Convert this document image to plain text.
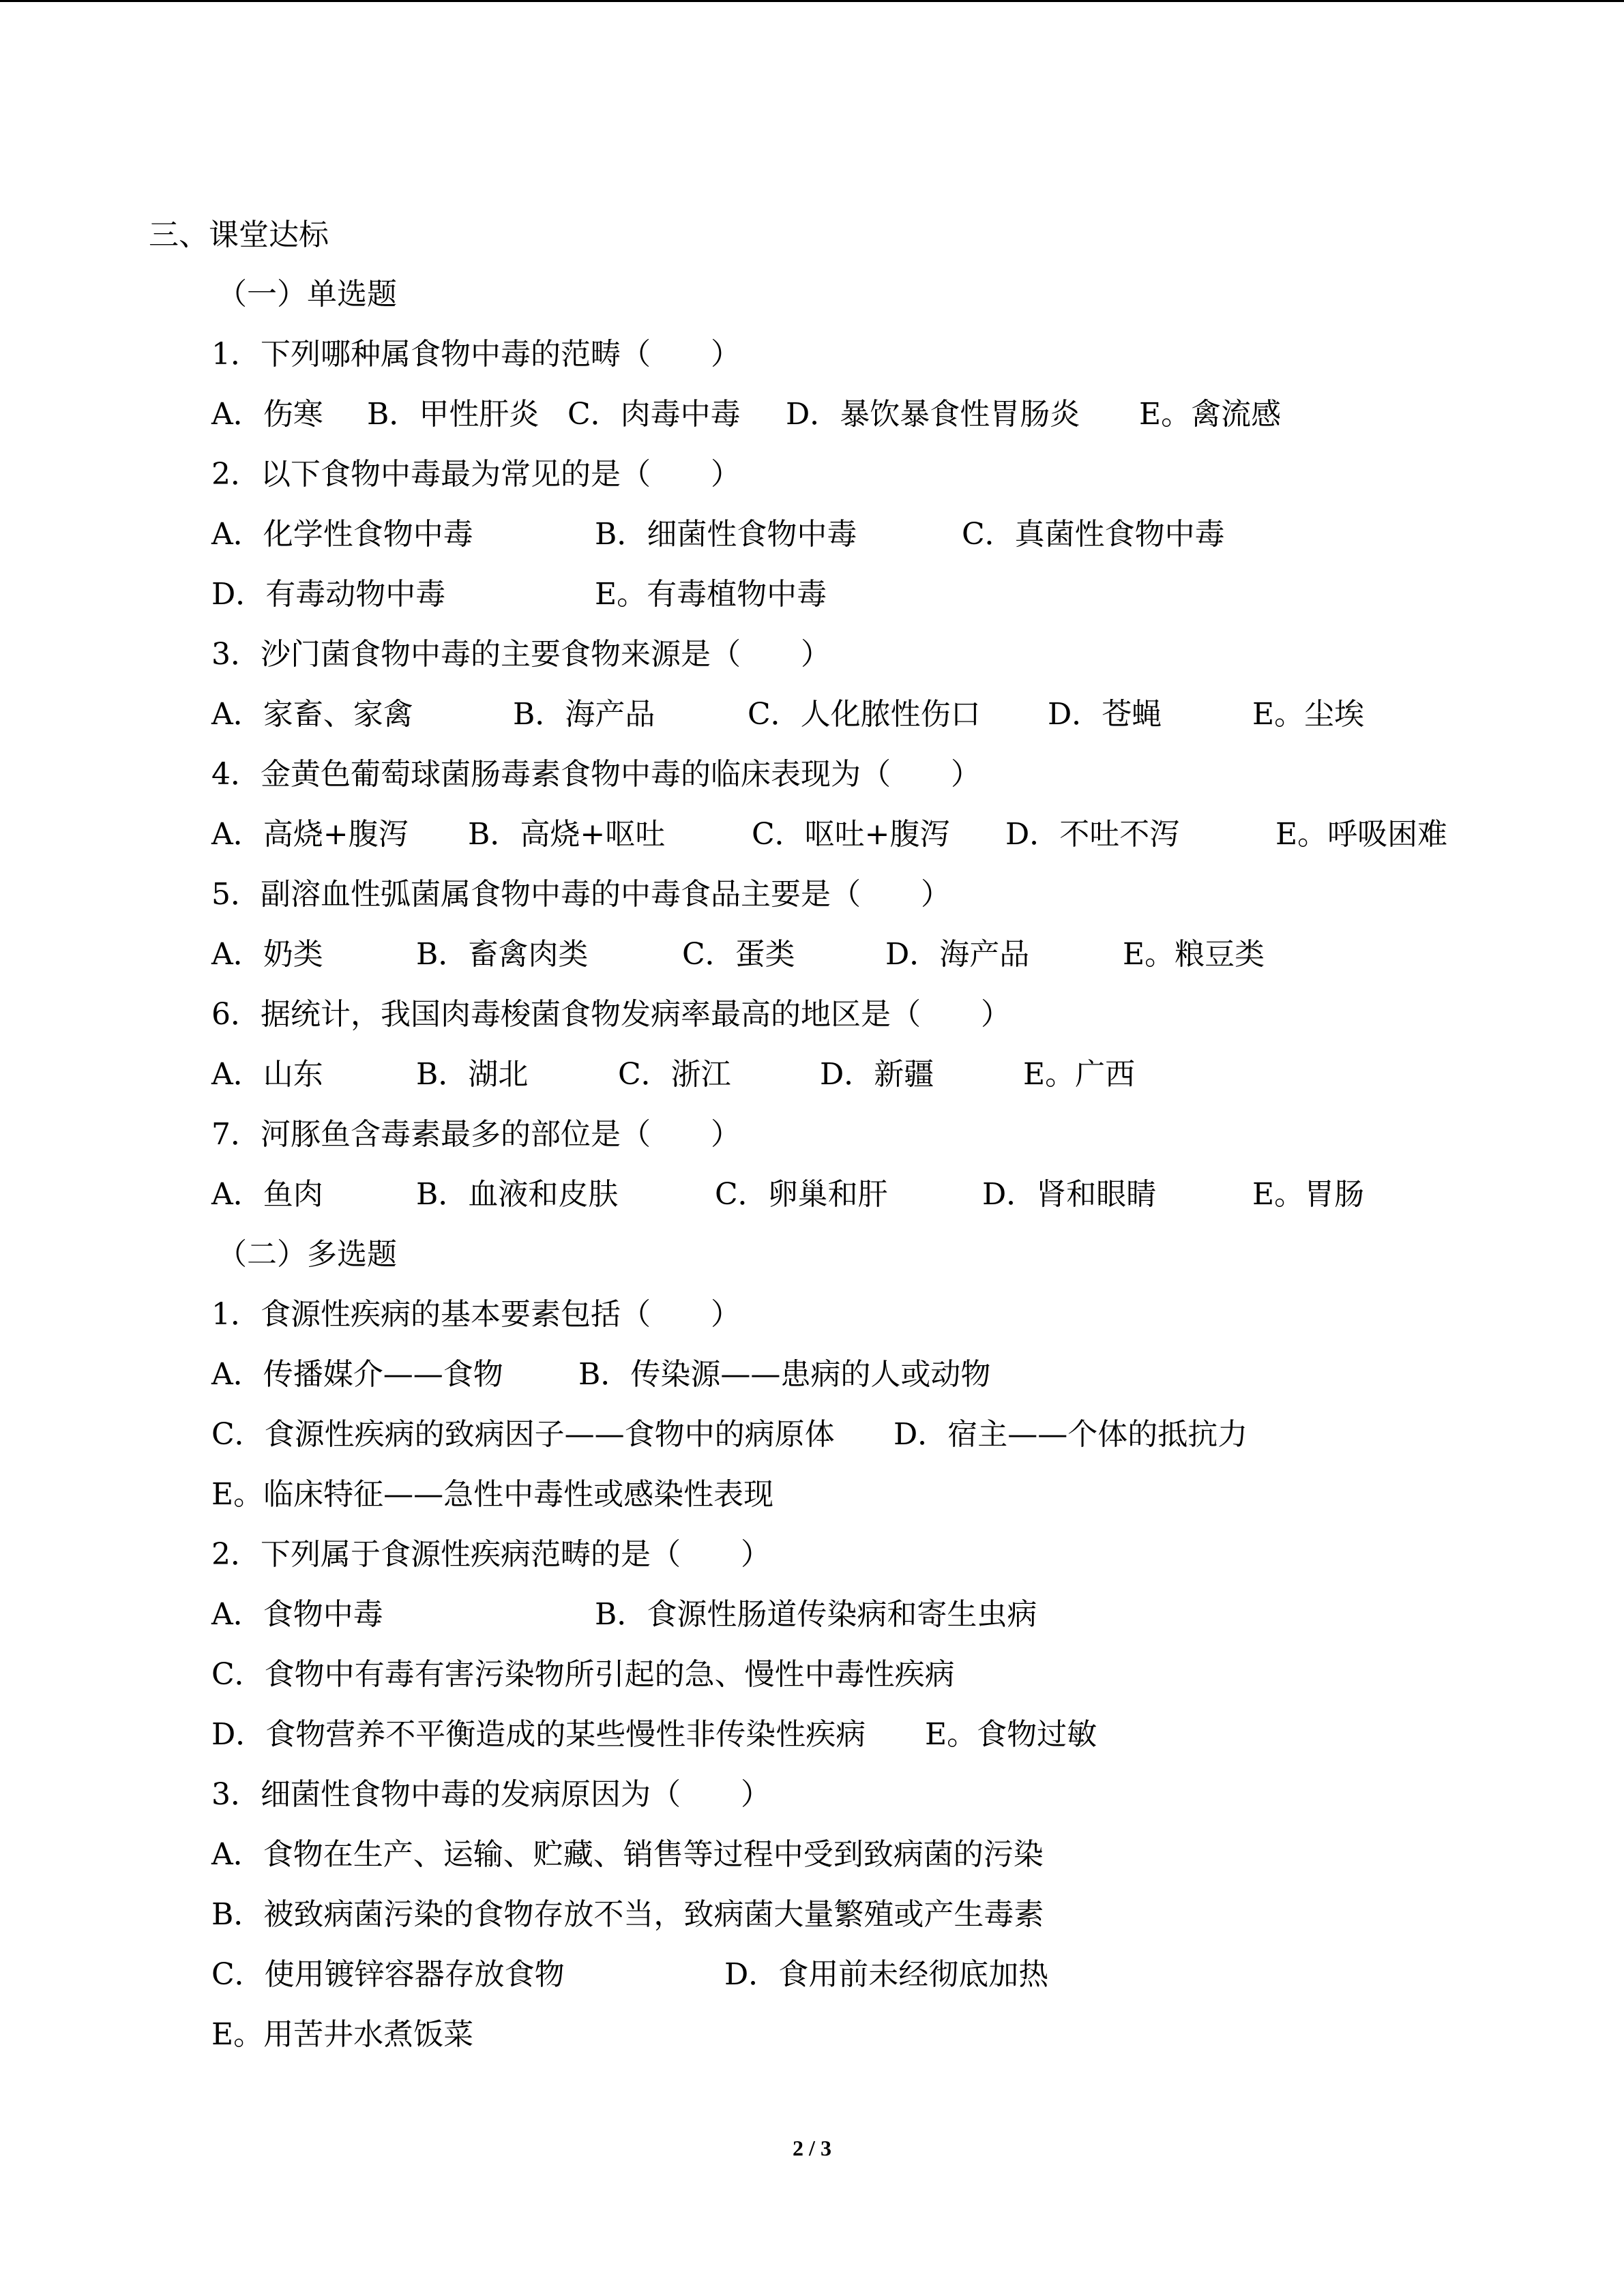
三、课堂达标
（一）单选题
1．下列哪种属食物中毒的范畴（　　）
A．伤寒 B．甲性肝炎 C．肉毒中毒 D．暴饮暴食性胃肠炎 E。禽流感
2．以下食物中毒最为常见的是（　　）
A．化学性食物中毒	B．细菌性食物中毒	C．真菌性食物中毒
D．有毒动物中毒	E。有毒植物中毒
3．沙门菌食物中毒的主要食物来源是（　　）
A．家畜、家禽	B．海产品	C．人化脓性伤口 D．苍蝇	E。尘埃
4．金黄色葡萄球菌肠毒素食物中毒的临床表现为（　　）
A．高烧+腹泻 B．高烧+呕吐	C．呕吐+腹泻 D．不吐不泻	E。呼吸困难
5．副溶血性弧菌属食物中毒的中毒食品主要是（　　）
A．奶类	B．畜禽肉类	C．蛋类	D．海产品	E。粮豆类
6．据统计，我国肉毒梭菌食物发病率最高的地区是（　　）
A．山东	B．湖北	C．浙江	D．新疆	E。广西
7．河豚鱼含毒素最多的部位是（　　）
A．鱼肉	B．血液和皮肤	C．卵巢和肝	D．肾和眼睛	E。胃肠
（二）多选题
1．食源性疾病的基本要素包括（　　）
A．传播媒介——食物	B．传染源——患病的人或动物
C．食源性疾病的致病因子——食物中的病原体 D．宿主——个体的抵抗力
E。临床特征——急性中毒性或感染性表现
2．下列属于食源性疾病范畴的是（　　）
A．食物中毒	B．食源性肠道传染病和寄生虫病
C．食物中有毒有害污染物所引起的急、慢性中毒性疾病
D．食物营养不平衡造成的某些慢性非传染性疾病 E。食物过敏
3．细菌性食物中毒的发病原因为（　　）
A．食物在生产、运输、贮藏、销售等过程中受到致病菌的污染
B．被致病菌污染的食物存放不当，致病菌大量繁殖或产生毒素
C．使用镀锌容器存放食物	D．食用前未经彻底加热
E。用苦井水煮饭菜
2 / 3
